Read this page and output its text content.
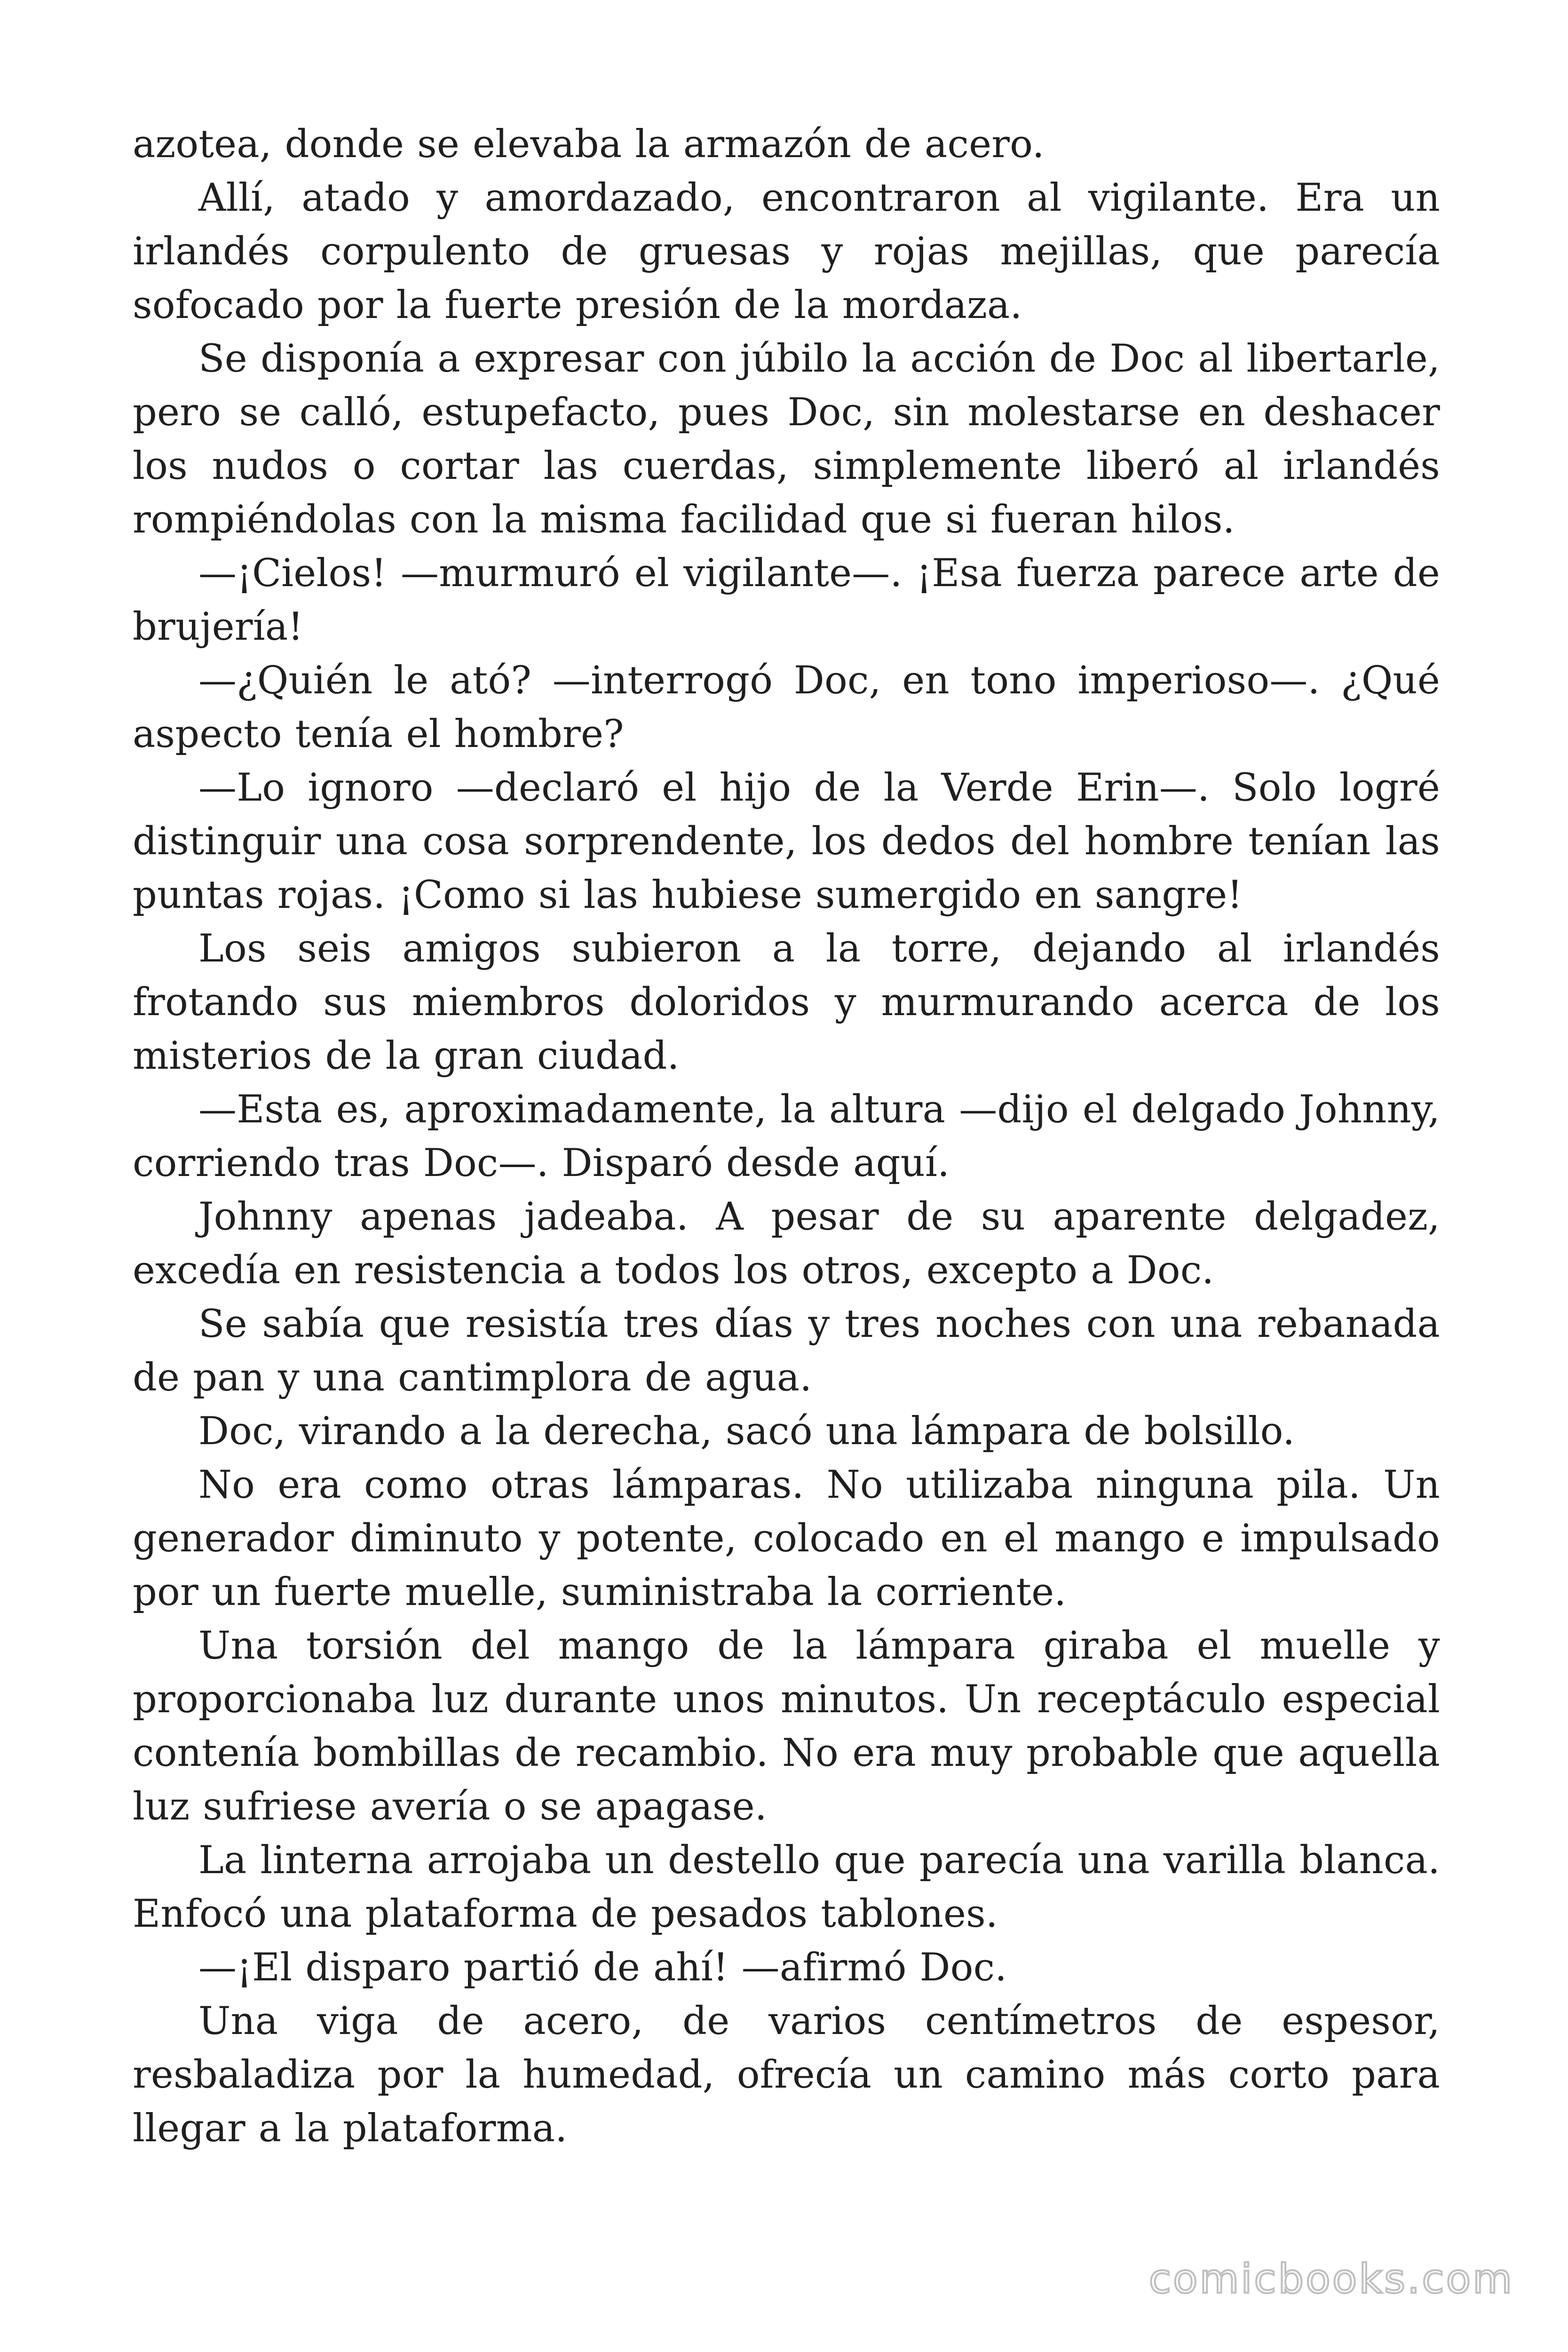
azotea, donde se elevaba la armazón de acero.

Allí, atado y amordazado, encontraron al vigilante. Era un irlandés corpulento de gruesas y rojas mejillas, que parecía sofocado por la fuerte presión de la mordaza.

Se disponía a expresar con júbilo la acción de Doc al libertarle, pero se calló, estupefacto, pues Doc, sin molestarse en deshacer los nudos o cortar las cuerdas, simplemente liberó al irlandés rompiéndolas con la misma facilidad que si fueran hilos.

—¡Cielos! —murmuró el vigilante—. ¡Esa fuerza parece arte de brujería!

—¿Quién le ató? —interrogó Doc, en tono imperioso—. ¿Qué aspecto tenía el hombre?

—Lo ignoro —declaró el hijo de la Verde Erin—. Solo logré distinguir una cosa sorprendente, los dedos del hombre tenían las puntas rojas. ¡Como si las hubiese sumergido en sangre!

Los seis amigos subieron a la torre, dejando al irlandés frotando sus miembros doloridos y murmurando acerca de los misterios de la gran ciudad.

—Esta es, aproximadamente, la altura —dijo el delgado Johnny, corriendo tras Doc—. Disparó desde aquí.

Johnny apenas jadeaba. A pesar de su aparente delgadez, excedía en resistencia a todos los otros, excepto a Doc.

Se sabía que resistía tres días y tres noches con una rebanada de pan y una cantimplora de agua.

Doc, virando a la derecha, sacó una lámpara de bolsillo.

No era como otras lámparas. No utilizaba ninguna pila. Un generador diminuto y potente, colocado en el mango e impulsado por un fuerte muelle, suministraba la corriente.

Una torsión del mango de la lámpara giraba el muelle y proporcionaba luz durante unos minutos. Un receptáculo especial contenía bombillas de recambio. No era muy probable que aquella luz sufriese avería o se apagase.

La linterna arrojaba un destello que parecía una varilla blanca. Enfocó una plataforma de pesados tablones.

—¡El disparo partió de ahí! —afirmó Doc.

Una viga de acero, de varios centímetros de espesor, resbaladiza por la humedad, ofrecía un camino más corto para llegar a la plataforma.

comicbooks.com
